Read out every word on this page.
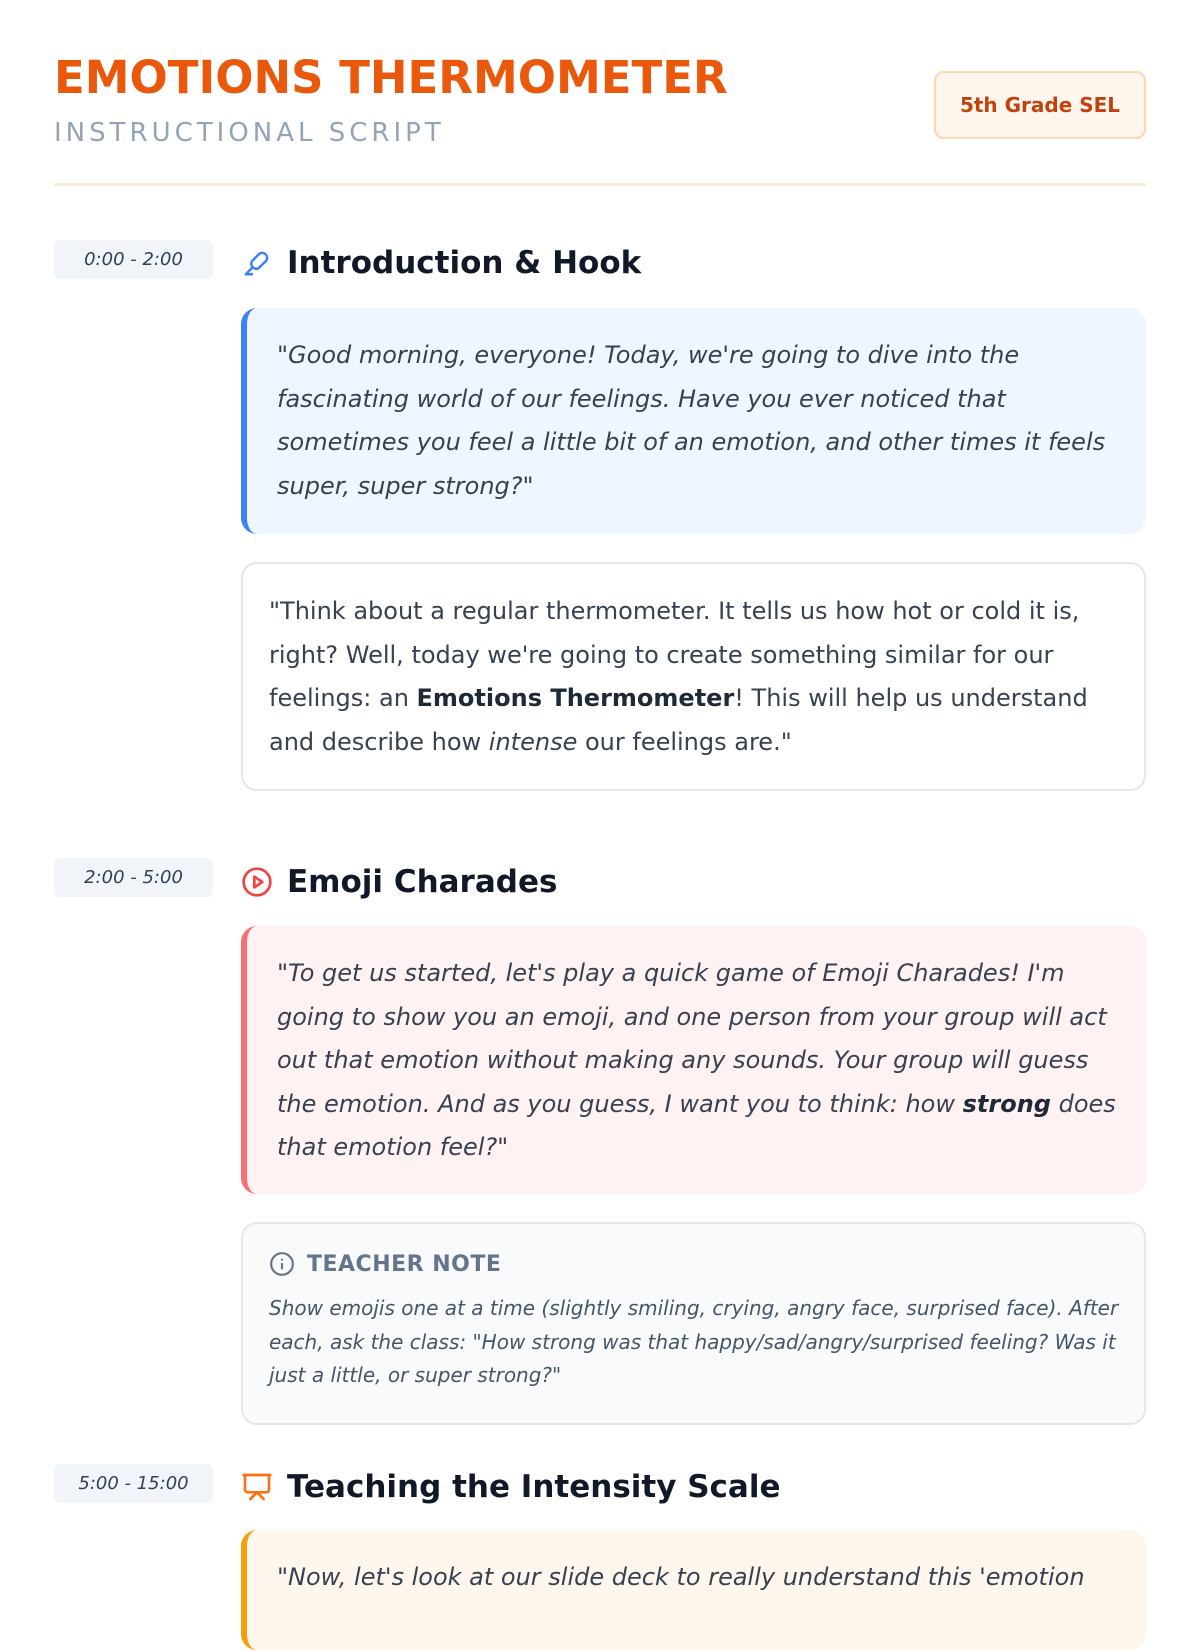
EMOTIONS THERMOMETER
INSTRUCTIONAL SCRIPT
5th Grade SEL
0:00 - 2:00	Introduction & Hook
"Good morning, everyone! Today, we're going to dive into the fascinating world of our feelings. Have you ever noticed that sometimes you feel a little bit of an emotion, and other times it feels super, super strong?"
"Think about a regular thermometer. It tells us how hot or cold it is, right? Well, today we're going to create something similar for our feelings: an Emotions Thermometer! This will help us understand and describe how intense our feelings are."
2:00 - 5:00	Emoji Charades
"To get us started, let's play a quick game of Emoji Charades! I'm going to show you an emoji, and one person from your group will act out that emotion without making any sounds. Your group will guess the emotion. And as you guess, I want you to think: how strong does that emotion feel?"
TEACHER NOTE
Show emojis one at a time (slightly smiling, crying, angry face, surprised face). After each, ask the class: "How strong was that happy/sad/angry/surprised feeling? Was it just a little, or super strong?"
5:00 - 15:00	Teaching the Intensity Scale
"Now, let's look at our slide deck to really understand this 'emotion
